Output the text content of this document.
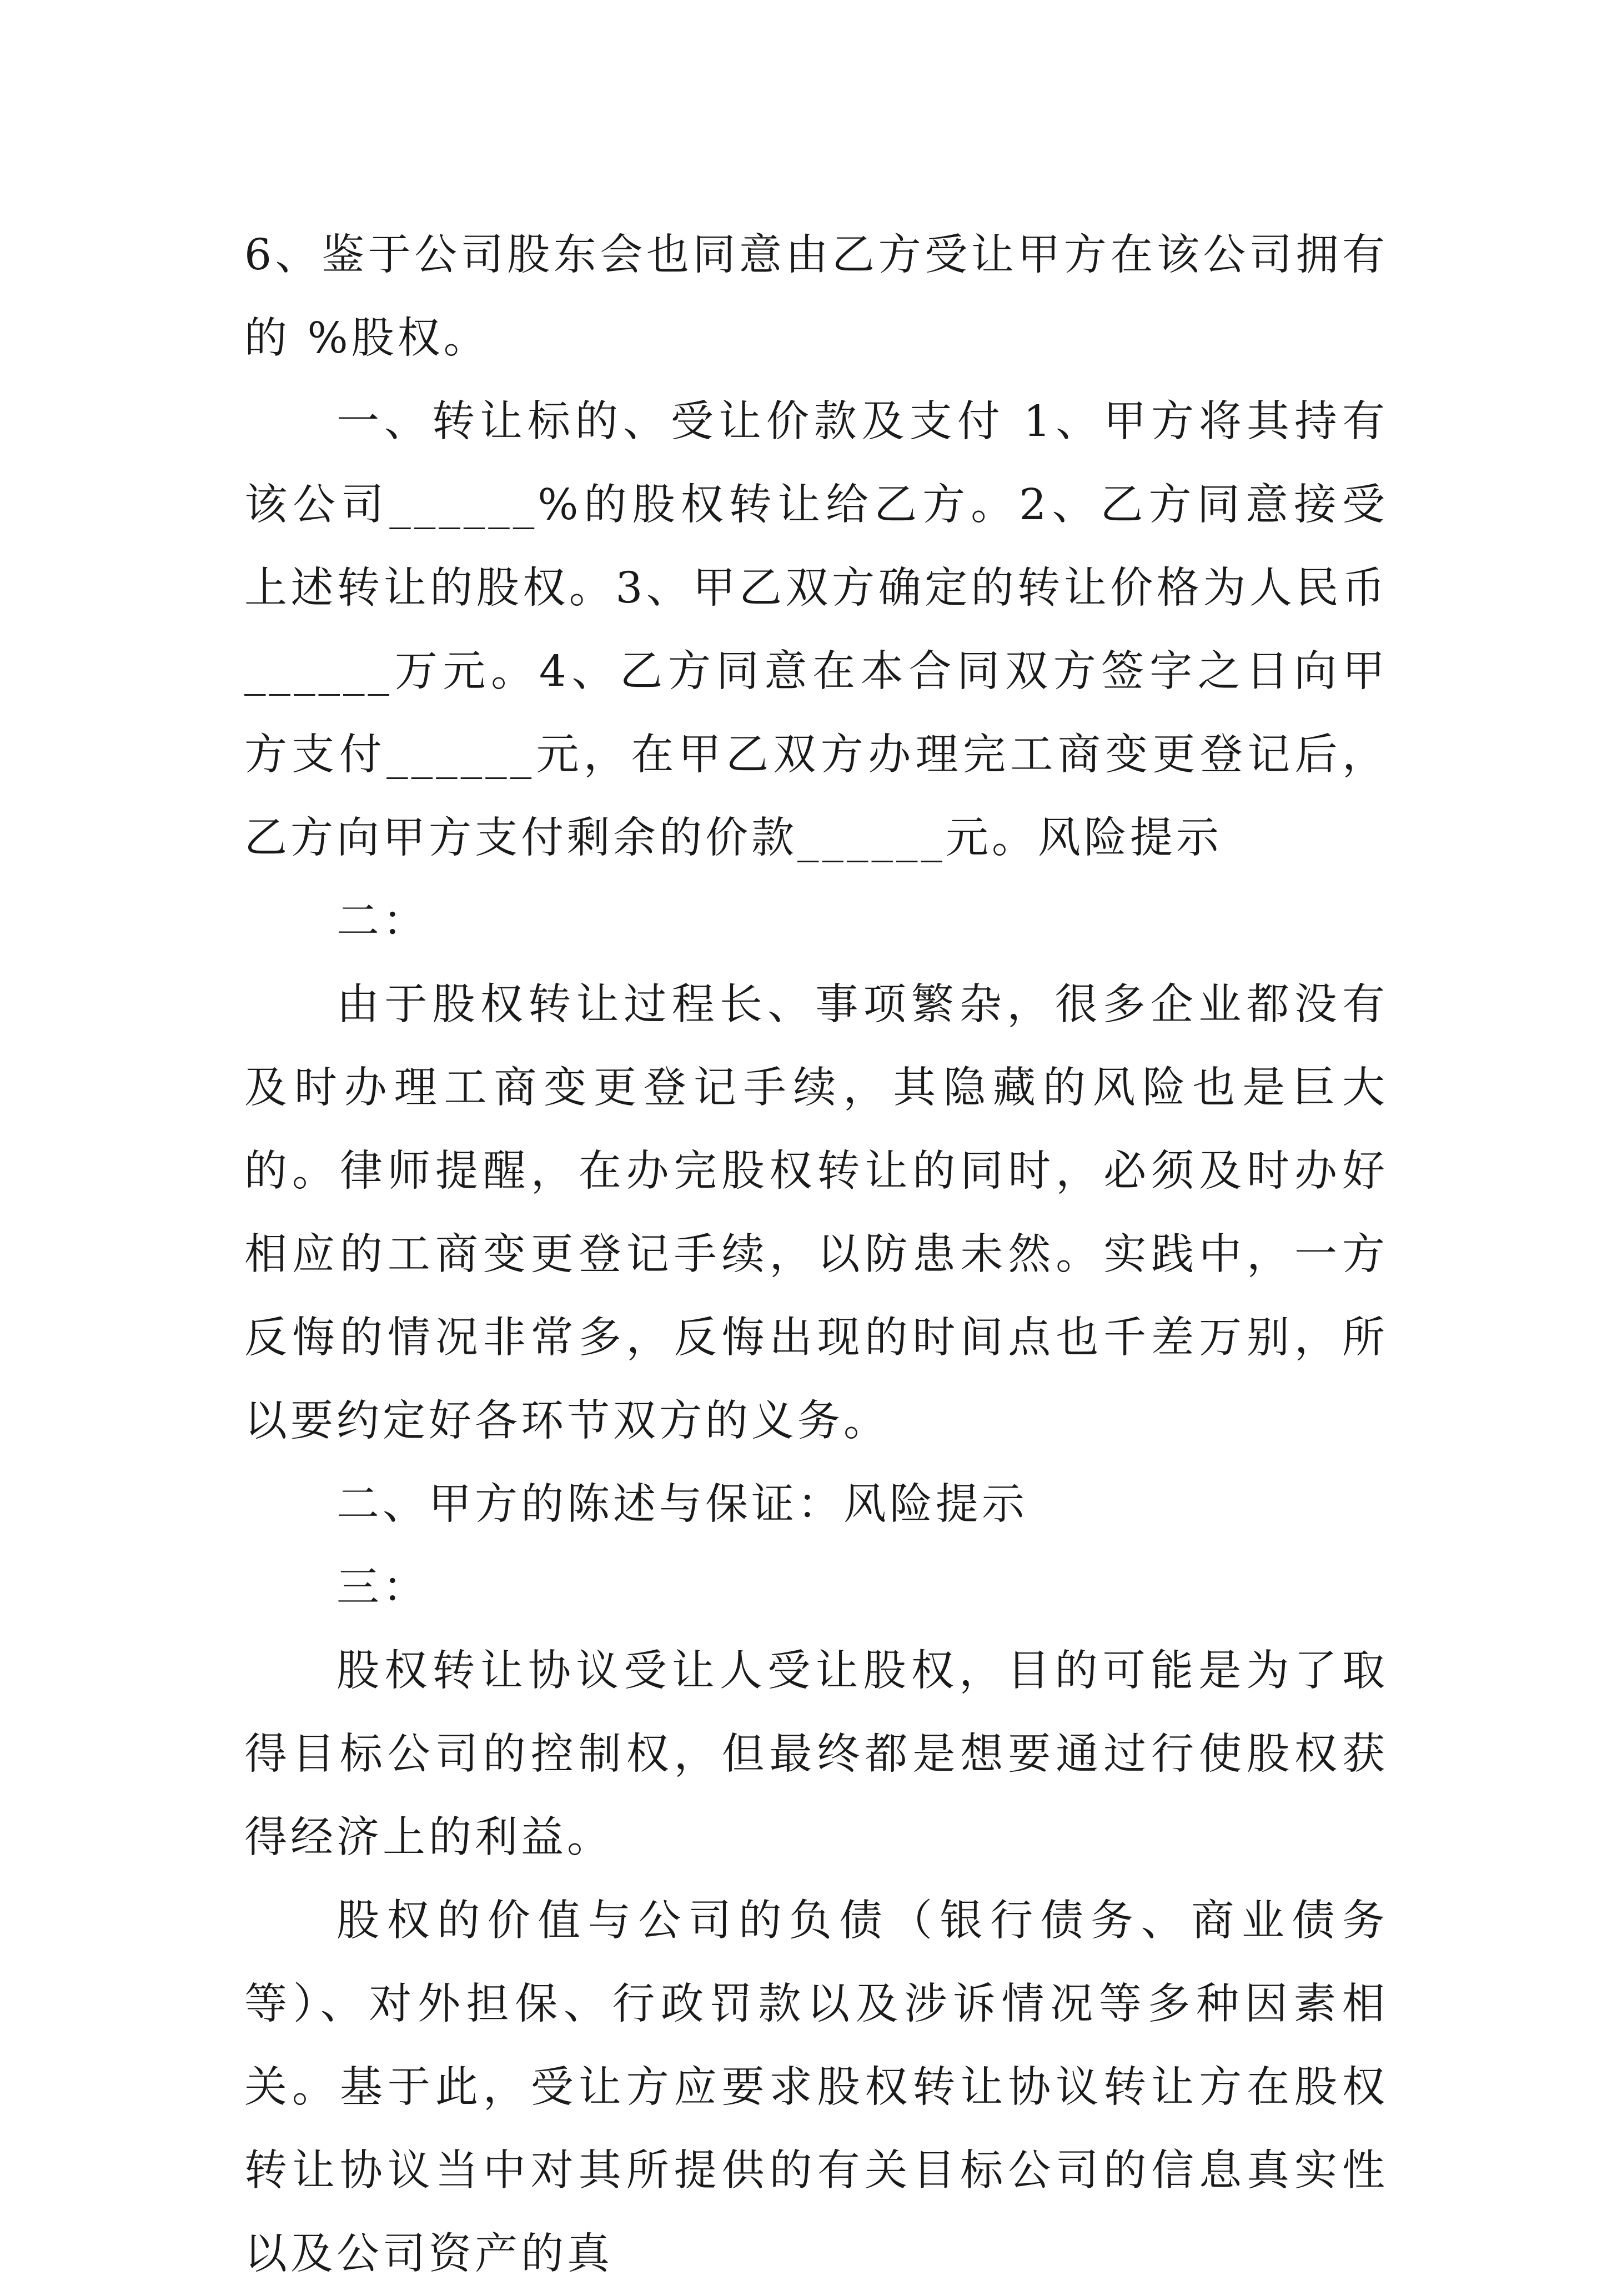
6、鉴于公司股东会也同意由乙方受让甲方在该公司拥有的 %股权。

一、转让标的、受让价款及支付 1、甲方将其持有该公司______%的股权转让给乙方。2、乙方同意接受上述转让的股权。3、甲乙双方确定的转让价格为人民币______万元。4、乙方同意在本合同双方签字之日向甲方支付______元，在甲乙双方办理完工商变更登记后，乙方向甲方支付剩余的价款______元。风险提示

二：

由于股权转让过程长、事项繁杂，很多企业都没有及时办理工商变更登记手续，其隐藏的风险也是巨大的。律师提醒，在办完股权转让的同时，必须及时办好相应的工商变更登记手续，以防患未然。实践中，一方反悔的情况非常多，反悔出现的时间点也千差万别，所以要约定好各环节双方的义务。

二、甲方的陈述与保证：风险提示

三：

股权转让协议受让人受让股权，目的可能是为了取得目标公司的控制权，但最终都是想要通过行使股权获得经济上的利益。

股权的价值与公司的负债（银行债务、商业债务等）、对外担保、行政罚款以及涉诉情况等多种因素相关。基于此，受让方应要求股权转让协议转让方在股权转让协议当中对其所提供的有关目标公司的信息真实性以及公司资产的真
